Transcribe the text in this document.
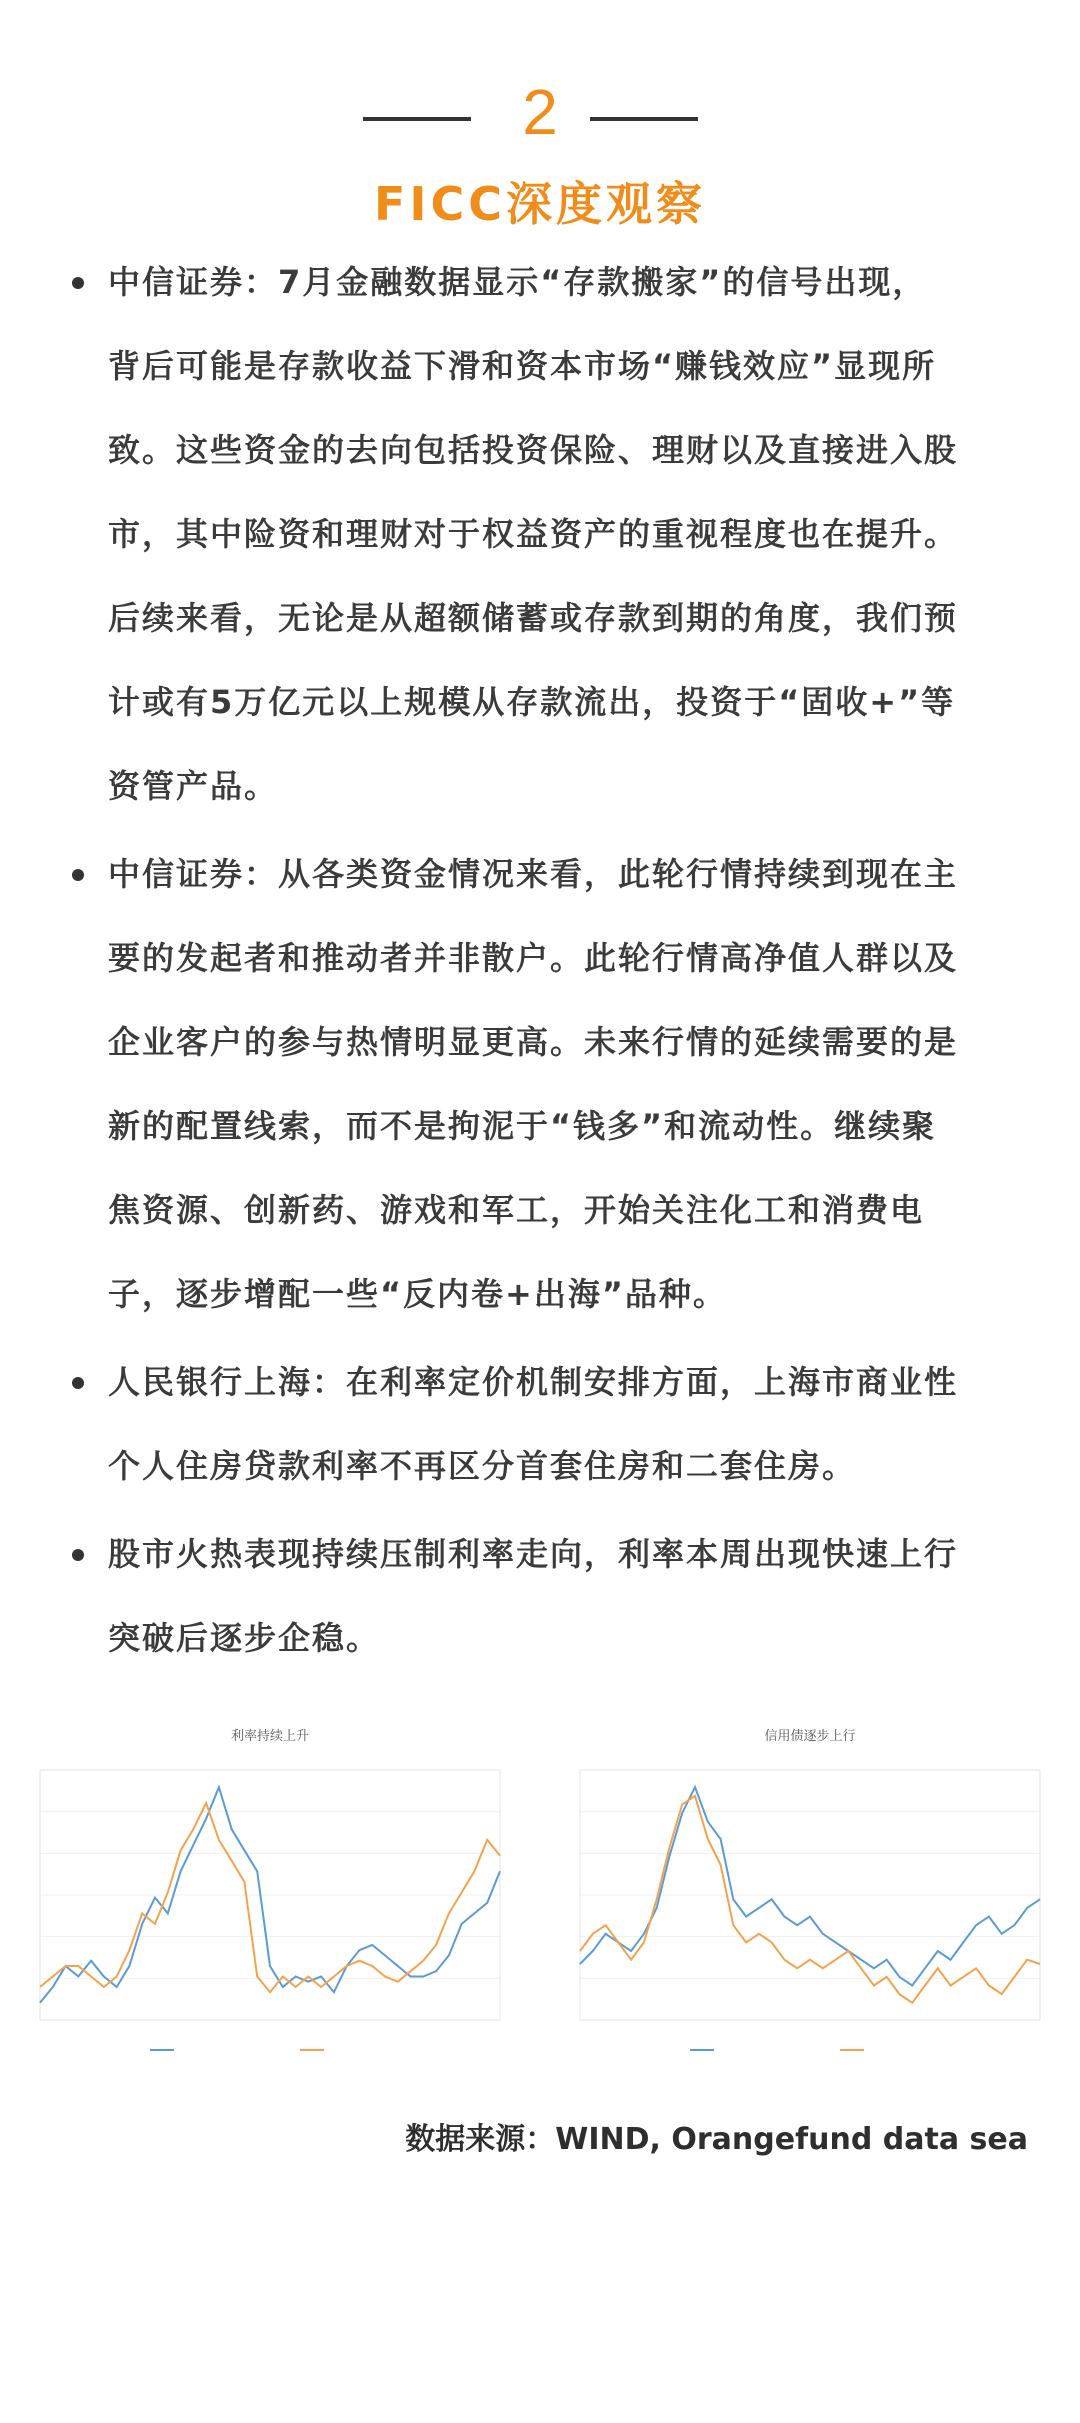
2
FICC深度观察
中信证券：7月金融数据显示“存款搬家”的信号出现，
背后可能是存款收益下滑和资本市场“赚钱效应”显现所
致。这些资金的去向包括投资保险、理财以及直接进入股
市，其中险资和理财对于权益资产的重视程度也在提升。
后续来看，无论是从超额储蓄或存款到期的角度，我们预
计或有5万亿元以上规模从存款流出，投资于“固收+”等
资管产品。
中信证券：从各类资金情况来看，此轮行情持续到现在主
要的发起者和推动者并非散户。此轮行情高净值人群以及
企业客户的参与热情明显更高。未来行情的延续需要的是
新的配置线索，而不是拘泥于“钱多”和流动性。继续聚
焦资源、创新药、游戏和军工，开始关注化工和消费电
子，逐步增配一些“反内卷+出海”品种。
人民银行上海：在利率定价机制安排方面，上海市商业性
个人住房贷款利率不再区分首套住房和二套住房。
股市火热表现持续压制利率走向，利率本周出现快速上行
突破后逐步企稳。
利率持续上升	信用债逐步上行
数据来源：WIND, Orangefund data sea
